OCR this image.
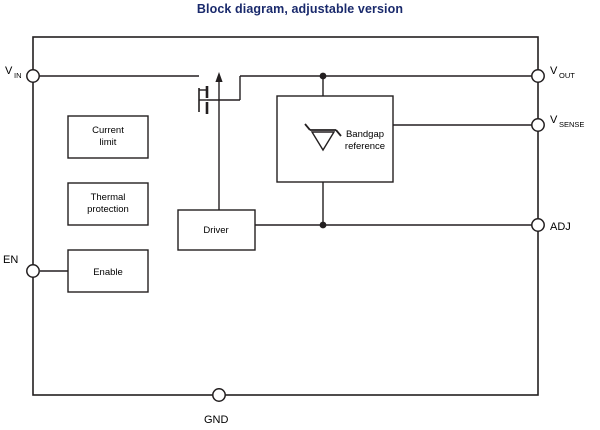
Block diagram, adjustable version
Bandgap
reference
Driver
Current
limit
Thermal
protection
Enable
V IN
EN
GND
V OUT
V SENSE
ADJ
